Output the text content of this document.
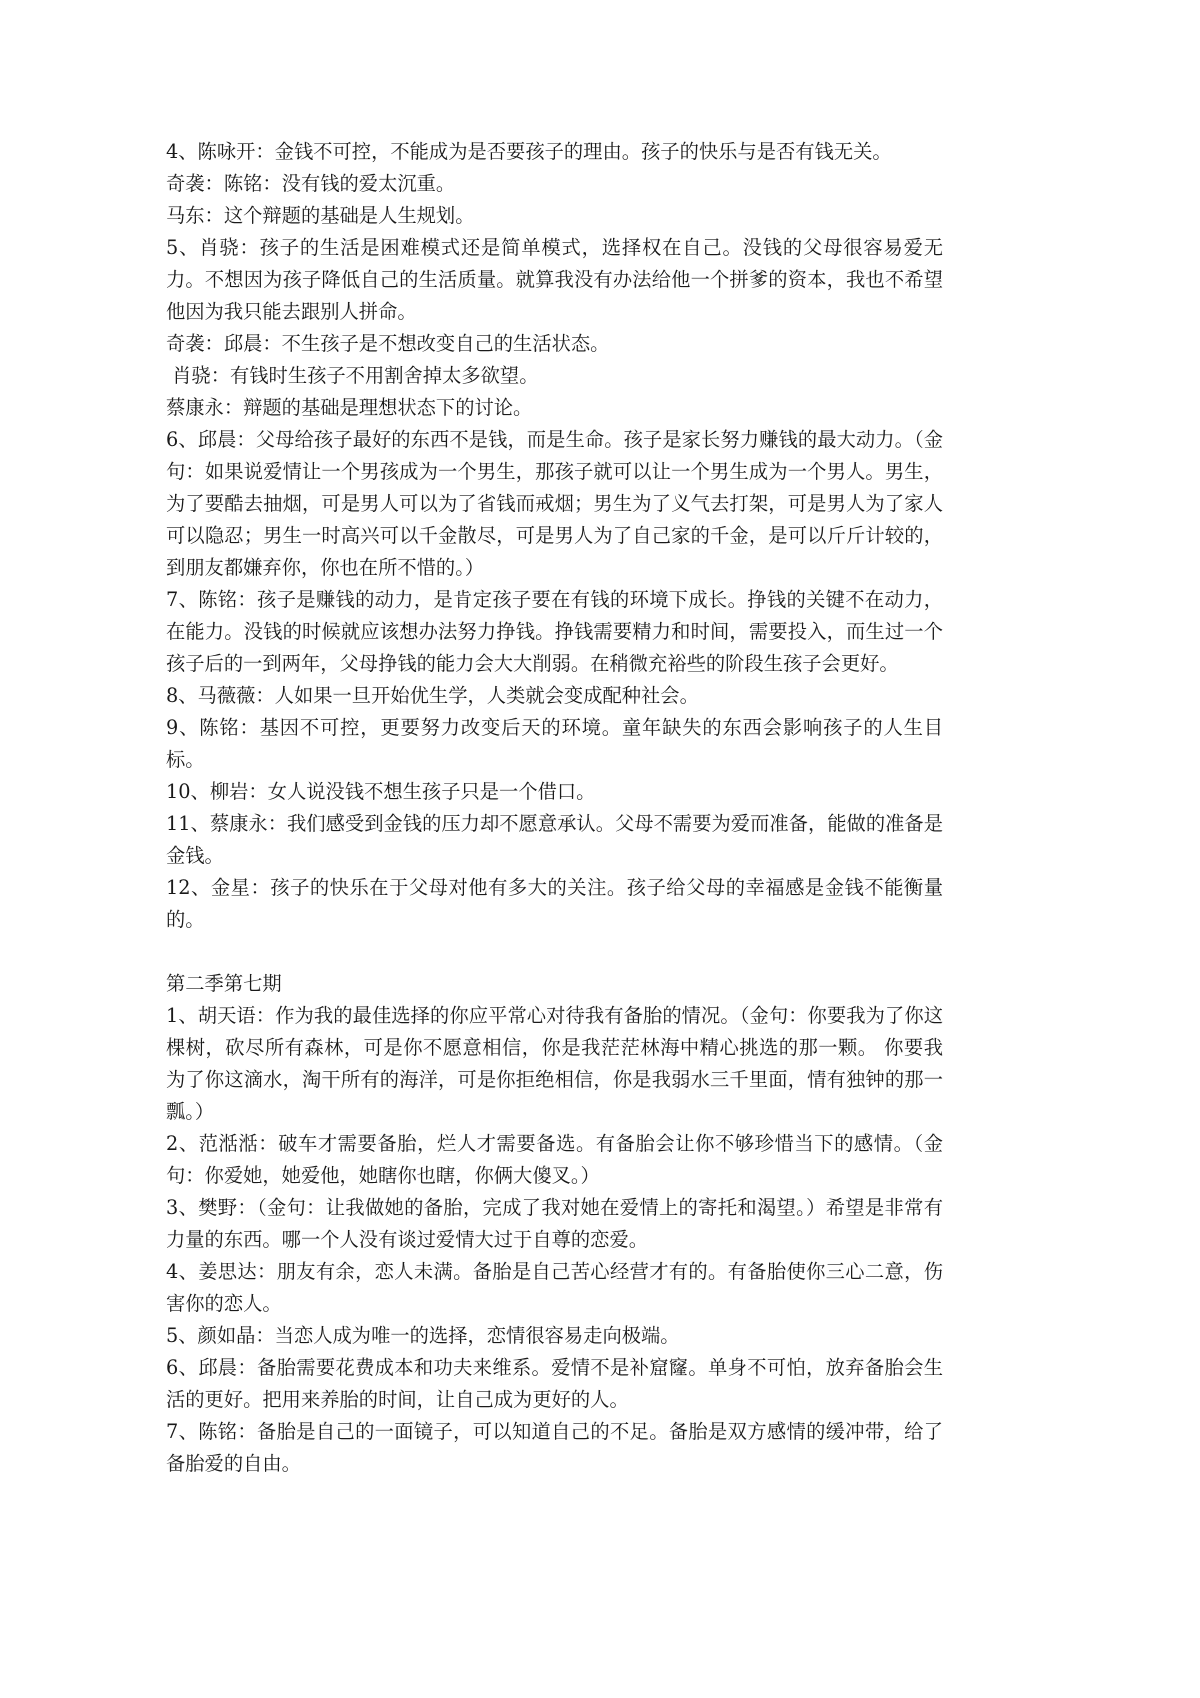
4、陈咏开：金钱不可控，不能成为是否要孩子的理由。孩子的快乐与是否有钱无关。

奇袭：陈铭：没有钱的爱太沉重。

马东：这个辩题的基础是人生规划。

5、肖骁：孩子的生活是困难模式还是简单模式，选择权在自己。没钱的父母很容易爱无力。不想因为孩子降低自己的生活质量。就算我没有办法给他一个拼爹的资本，我也不希望他因为我只能去跟别人拼命。

奇袭：邱晨：不生孩子是不想改变自己的生活状态。

肖骁：有钱时生孩子不用割舍掉太多欲望。

蔡康永：辩题的基础是理想状态下的讨论。

6、邱晨：父母给孩子最好的东西不是钱，而是生命。孩子是家长努力赚钱的最大动力。（金句：如果说爱情让一个男孩成为一个男生，那孩子就可以让一个男生成为一个男人。男生，为了要酷去抽烟，可是男人可以为了省钱而戒烟；男生为了义气去打架，可是男人为了家人可以隐忍；男生一时高兴可以千金散尽，可是男人为了自己家的千金，是可以斤斤计较的，到朋友都嫌弃你，你也在所不惜的。）

7、陈铭：孩子是赚钱的动力，是肯定孩子要在有钱的环境下成长。挣钱的关键不在动力，在能力。没钱的时候就应该想办法努力挣钱。挣钱需要精力和时间，需要投入，而生过一个孩子后的一到两年，父母挣钱的能力会大大削弱。在稍微充裕些的阶段生孩子会更好。

8、马薇薇：人如果一旦开始优生学，人类就会变成配种社会。

9、陈铭：基因不可控，更要努力改变后天的环境。童年缺失的东西会影响孩子的人生目标。

10、柳岩：女人说没钱不想生孩子只是一个借口。

11、蔡康永：我们感受到金钱的压力却不愿意承认。父母不需要为爱而准备，能做的准备是金钱。

12、金星：孩子的快乐在于父母对他有多大的关注。孩子给父母的幸福感是金钱不能衡量的。

第二季第七期

1、胡天语：作为我的最佳选择的你应平常心对待我有备胎的情况。（金句：你要我为了你这棵树，砍尽所有森林，可是你不愿意相信，你是我茫茫林海中精心挑选的那一颗。 你要我为了你这滴水，淘干所有的海洋，可是你拒绝相信，你是我弱水三千里面，情有独钟的那一瓢。）

2、范湉湉：破车才需要备胎，烂人才需要备选。有备胎会让你不够珍惜当下的感情。（金句：你爱她，她爱他，她瞎你也瞎，你俩大傻叉。）

3、樊野：（金句：让我做她的备胎，完成了我对她在爱情上的寄托和渴望。）希望是非常有力量的东西。哪一个人没有谈过爱情大过于自尊的恋爱。

4、姜思达：朋友有余，恋人未满。备胎是自己苦心经营才有的。有备胎使你三心二意，伤害你的恋人。

5、颜如晶：当恋人成为唯一的选择，恋情很容易走向极端。

6、邱晨：备胎需要花费成本和功夫来维系。爱情不是补窟窿。单身不可怕，放弃备胎会生活的更好。把用来养胎的时间，让自己成为更好的人。

7、陈铭：备胎是自己的一面镜子，可以知道自己的不足。备胎是双方感情的缓冲带，给了备胎爱的自由。
